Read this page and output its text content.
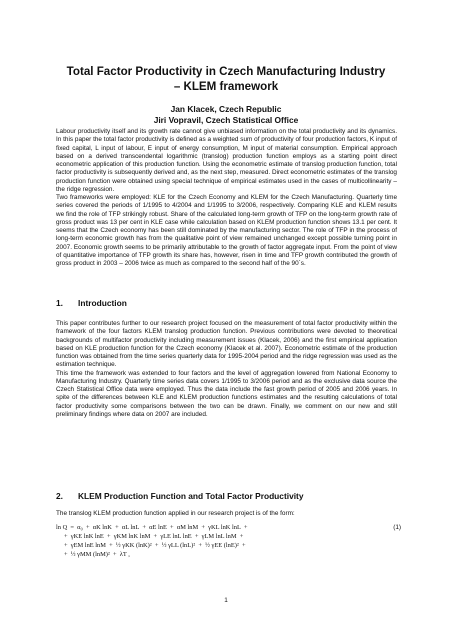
Total Factor Productivity in Czech Manufacturing Industry
– KLEM framework
Jan Klacek, Czech Republic
Jiri Vopravil, Czech Statistical Office

Labour productivity itself and its growth rate cannot give unbiased information on the total productivity and its dynamics. In this paper the total factor productivity is defined as a weighted sum of productivity of four production factors, K input of fixed capital, L input of labour, E input of energy consumption, M input of material consumption. Empirical approach based on a derived transcendental logarithmic (translog) production function employs as a starting point direct econometric application of this production function. Using the econometric estimate of translog production function, total factor productivity is subsequently derived and, as the next step, measured. Direct econometric estimates of the translog production function were obtained using special technique of empirical estimates used in the cases of multicollinearity – the ridge regression.

Two frameworks were employed: KLE for the Czech Economy and KLEM for the Czech Manufacturing. Quarterly time series covered the periods of 1/1995 to 4/2004 and 1/1995 to 3/2006, respectively. Comparing KLE and KLEM results we find the role of TFP strikingly robust. Share of the calculated long-term growth of TFP on the long-term growth rate of gross product was 13 per cent in KLE case while calculation based on KLEM production function shows 13.1 per cent. It seems that the Czech economy has been still dominated by the manufacturing sector. The role of TFP in the process of long-term economic growth has from the qualitative point of view remained unchanged except possible turning point in 2007. Economic growth seems to be primarily attributable to the growth of factor aggregate input. From the point of view of quantitative importance of TFP growth its share has, however, risen in time and TFP growth contributed the growth of gross product in 2003 – 2006 twice as much as compared to the second half of the 90´s.

1. Introduction

This paper contributes further to our research project focused on the measurement of total factor productivity within the framework of the four factors KLEM translog production function. Previous contributions were devoted to theoretical backgrounds of multifactor productivity including measurement issues (Klacek, 2006) and the first empirical application based on KLE production function for the Czech economy (Klacek et al. 2007). Econometric estimate of the production function was obtained from the time series quarterly data for 1995-2004 period and the ridge regression was used as the estimation technique.

This time the framework was extended to four factors and the level of aggregation lowered from National Economy to Manufacturing Industry. Quarterly time series data covers 1/1995 to 3/2006 period and as the exclusive data source the Czech Statistical Office data were employed. Thus the data include the fast growth period of 2005 and 2006 years. In spite of the differences between KLE and KLEM production functions estimates and the resulting calculations of total factor productivity some comparisons between the two can be drawn. Finally, we comment on our new and still preliminary findings where data on 2007 are included.

2. KLEM Production Function and Total Factor Productivity
The translog KLEM production function applied in our research project is of the form:
ln Q  =  α₀  +  αK lnK  +  αL lnL  +  αE lnE  +  αM lnM  +  γKL lnK lnL  +	(1)
+  γKE lnK lnE  +  γKM lnK lnM  +  γLE lnL lnE  +  γLM lnL lnM  +
+  γEM lnE lnM  +  ½ γKK (lnK)²  +  ½ γLL (lnL)²  +  ½ γEE (lnE)²  +
+  ½ γMM (lnM)²  +  λT ,
1
